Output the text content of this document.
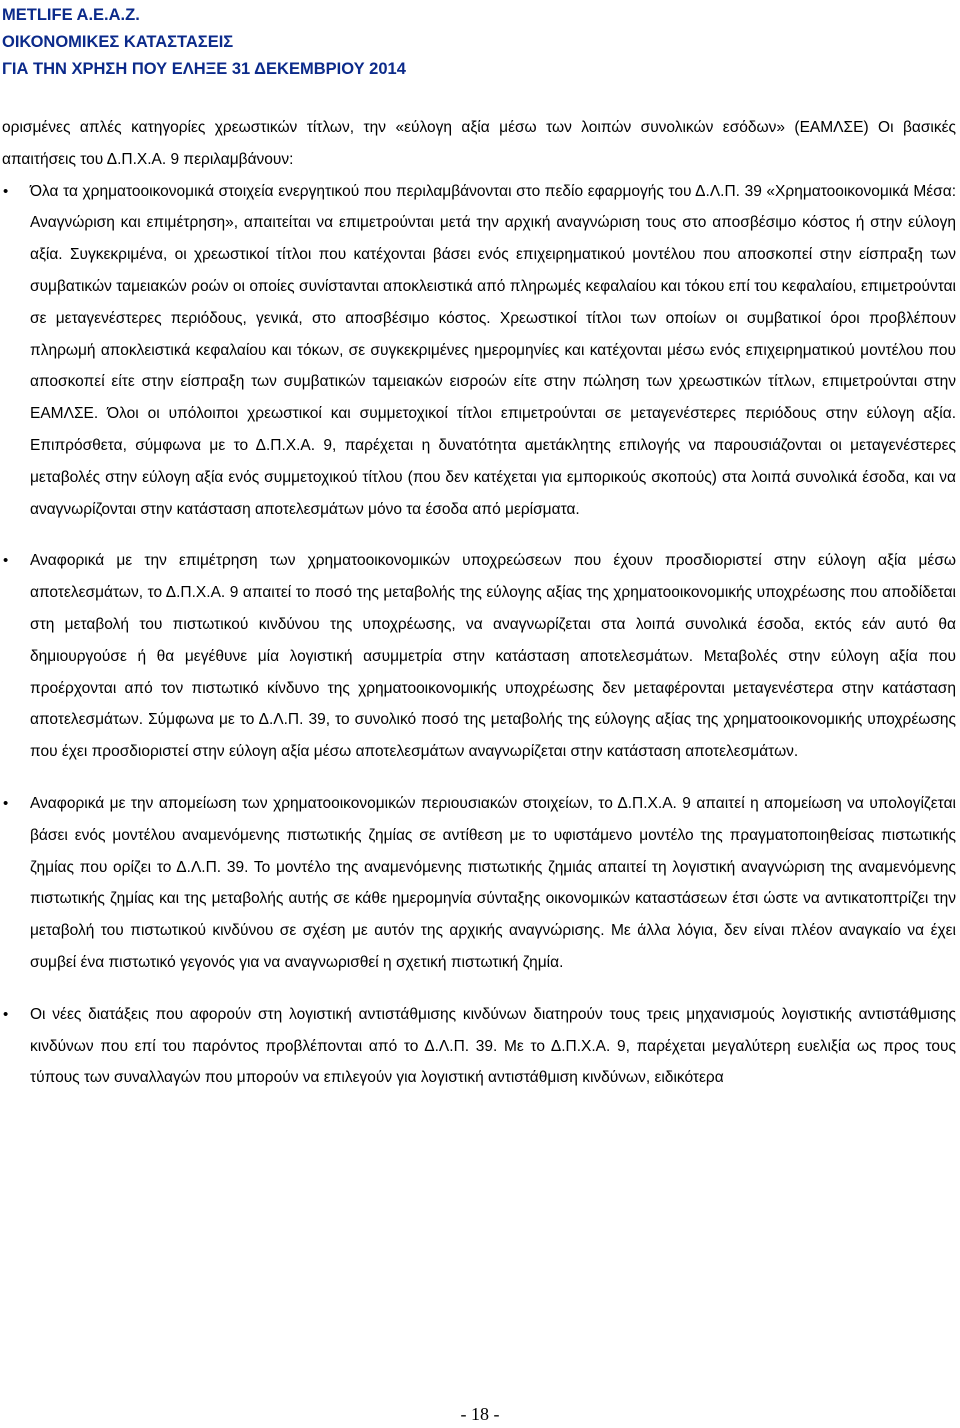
METLIFE A.E.A.Z.
ΟΙΚΟΝΟΜΙΚΕΣ ΚΑΤΑΣΤΑΣΕΙΣ
ΓΙΑ ΤΗΝ ΧΡΗΣΗ ΠΟΥ ΕΛΗΞΕ 31 ΔΕΚΕΜΒΡΙΟΥ 2014

ορισμένες απλές κατηγορίες χρεωστικών τίτλων, την «εύλογη αξία μέσω των λοιπών συνολικών εσόδων» (ΕΑΜΛΣΕ) Οι βασικές απαιτήσεις του Δ.Π.Χ.Α. 9 περιλαμβάνουν:

•	Όλα τα χρηματοοικονομικά στοιχεία ενεργητικού που περιλαμβάνονται στο πεδίο εφαρμογής του Δ.Λ.Π. 39 «Χρηματοοικονομικά Μέσα: Αναγνώριση και επιμέτρηση», απαιτείται να επιμετρούνται μετά την αρχική αναγνώριση τους στο αποσβέσιμο κόστος ή στην εύλογη αξία. Συγκεκριμένα, οι χρεωστικοί τίτλοι που κατέχονται βάσει ενός επιχειρηματικού μοντέλου που αποσκοπεί στην είσπραξη των συμβατικών ταμειακών ροών οι οποίες συνίστανται αποκλειστικά από πληρωμές κεφαλαίου και τόκου επί του κεφαλαίου, επιμετρούνται σε μεταγενέστερες περιόδους, γενικά, στο αποσβέσιμο κόστος. Χρεωστικοί τίτλοι των οποίων οι συμβατικοί όροι προβλέπουν πληρωμή αποκλειστικά κεφαλαίου και τόκων, σε συγκεκριμένες ημερομηνίες και κατέχονται μέσω ενός επιχειρηματικού μοντέλου που αποσκοπεί είτε στην είσπραξη των συμβατικών ταμειακών εισροών είτε στην πώληση των χρεωστικών τίτλων, επιμετρούνται στην ΕΑΜΛΣΕ. Όλοι οι υπόλοιποι χρεωστικοί και συμμετοχικοί τίτλοι επιμετρούνται σε μεταγενέστερες περιόδους στην εύλογη αξία. Επιπρόσθετα, σύμφωνα με το Δ.Π.Χ.Α. 9, παρέχεται η δυνατότητα αμετάκλητης επιλογής να παρουσιάζονται οι μεταγενέστερες μεταβολές στην εύλογη αξία ενός συμμετοχικού τίτλου (που δεν κατέχεται για εμπορικούς σκοπούς) στα λοιπά συνολικά έσοδα, και να αναγνωρίζονται στην κατάσταση αποτελεσμάτων μόνο τα έσοδα από μερίσματα.
•	Αναφορικά με την επιμέτρηση των χρηματοοικονομικών υποχρεώσεων που έχουν προσδιοριστεί στην εύλογη αξία μέσω αποτελεσμάτων, το Δ.Π.Χ.Α. 9 απαιτεί το ποσό της μεταβολής της εύλογης αξίας της χρηματοοικονομικής υποχρέωσης που αποδίδεται στη μεταβολή του πιστωτικού κινδύνου της υποχρέωσης, να αναγνωρίζεται στα λοιπά συνολικά έσοδα, εκτός εάν αυτό θα δημιουργούσε ή θα μεγέθυνε μία λογιστική ασυμμετρία στην κατάσταση αποτελεσμάτων. Μεταβολές στην εύλογη αξία που προέρχονται από τον πιστωτικό κίνδυνο της χρηματοοικονομικής υποχρέωσης δεν μεταφέρονται μεταγενέστερα στην κατάσταση αποτελεσμάτων. Σύμφωνα με το Δ.Λ.Π. 39, το συνολικό ποσό της μεταβολής της εύλογης αξίας της χρηματοοικονομικής υποχρέωσης που έχει προσδιοριστεί στην εύλογη αξία μέσω αποτελεσμάτων αναγνωρίζεται στην κατάσταση αποτελεσμάτων.
•	Αναφορικά με την απομείωση των χρηματοοικονομικών περιουσιακών στοιχείων, το Δ.Π.Χ.Α. 9 απαιτεί η απομείωση να υπολογίζεται βάσει ενός μοντέλου αναμενόμενης πιστωτικής ζημίας σε αντίθεση με το υφιστάμενο μοντέλο της πραγματοποιηθείσας πιστωτικής ζημίας που ορίζει το Δ.Λ.Π. 39. Το μοντέλο της αναμενόμενης πιστωτικής ζημιάς απαιτεί τη λογιστική αναγνώριση της αναμενόμενης πιστωτικής ζημίας και της μεταβολής αυτής σε κάθε ημερομηνία σύνταξης οικονομικών καταστάσεων έτσι ώστε να αντικατοπτρίζει την μεταβολή του πιστωτικού κινδύνου σε σχέση με αυτόν της αρχικής αναγνώρισης. Με άλλα λόγια, δεν είναι πλέον αναγκαίο να έχει συμβεί ένα πιστωτικό γεγονός για να αναγνωρισθεί η σχετική πιστωτική ζημία.
•	Οι νέες διατάξεις που αφορούν στη λογιστική αντιστάθμισης κινδύνων διατηρούν τους τρεις μηχανισμούς λογιστικής αντιστάθμισης κινδύνων που επί του παρόντος προβλέπονται από το Δ.Λ.Π. 39. Με το Δ.Π.Χ.Α. 9, παρέχεται μεγαλύτερη ευελιξία ως προς τους τύπους των συναλλαγών που μπορούν να επιλεγούν για λογιστική αντιστάθμιση κινδύνων, ειδικότερα
- 18 -
